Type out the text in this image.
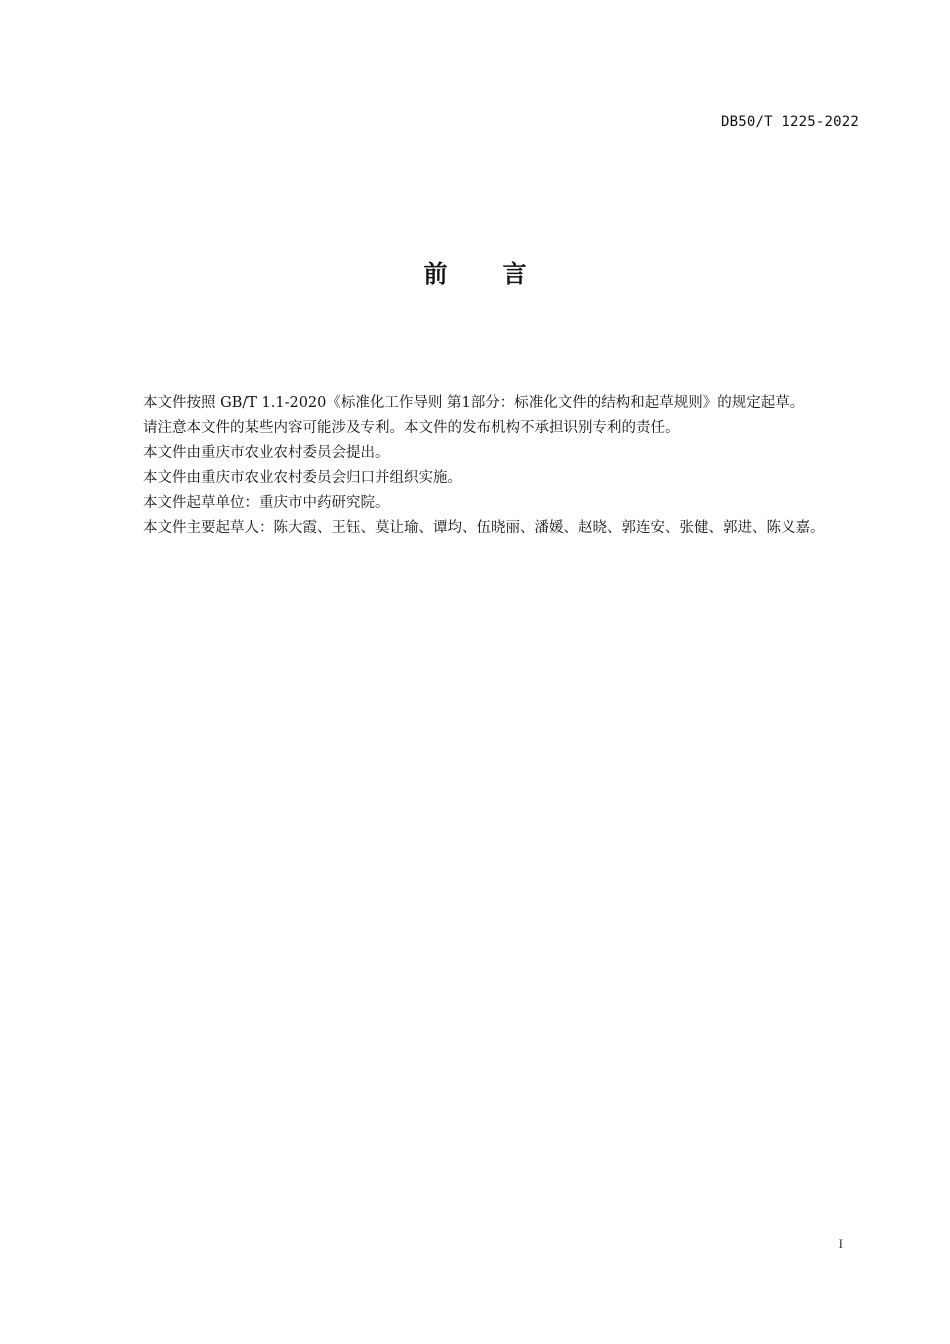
DB50/T 1225-2022
前 言

本文件按照 GB/T 1.1-2020《标准化工作导则 第1部分：标准化文件的结构和起草规则》的规定起草。

请注意本文件的某些内容可能涉及专利。本文件的发布机构不承担识别专利的责任。

本文件由重庆市农业农村委员会提出。

本文件由重庆市农业农村委员会归口并组织实施。

本文件起草单位：重庆市中药研究院。

本文件主要起草人：陈大霞、王钰、莫让瑜、谭均、伍晓丽、潘媛、赵晓、郭连安、张健、郭进、陈义嘉。

I
